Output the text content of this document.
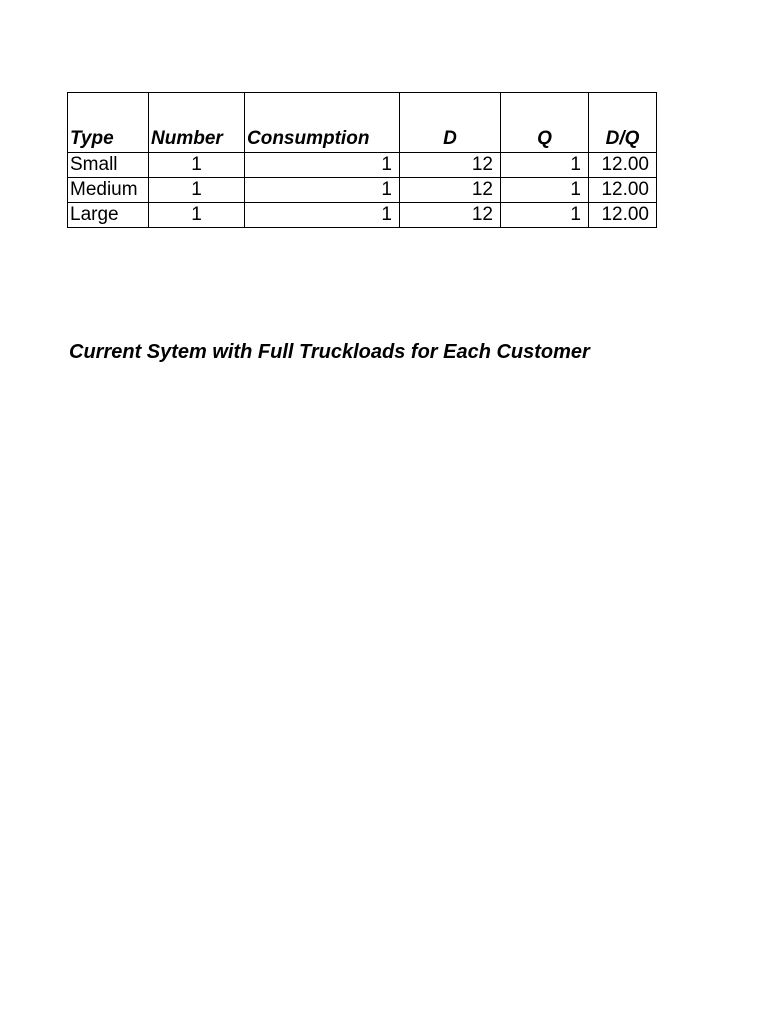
Type	Number	Consumption	D	Q	D/Q
Small	1	1	12	1	12.00
Medium	1	1	12	1	12.00
Large	1	1	12	1	12.00

Current Sytem with Full Truckloads for Each Customer
